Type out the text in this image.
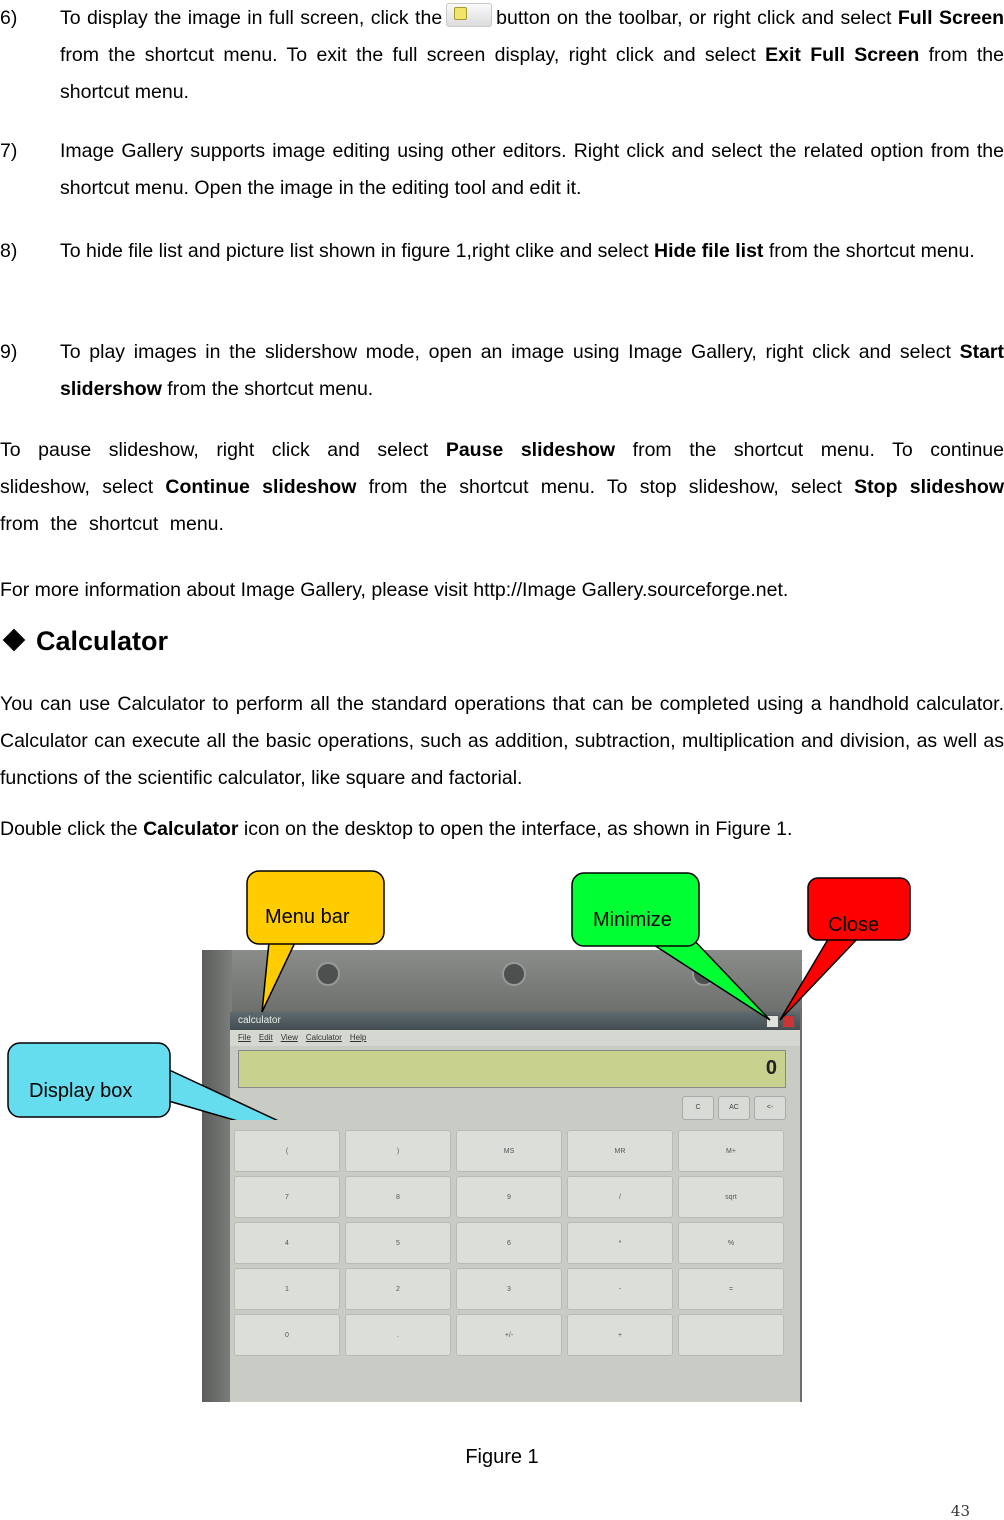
6)	To display the image in full screen, click the	button on the toolbar, or right click and select Full Screen from the shortcut menu. To exit the full screen display, right click and select Exit Full Screen from the shortcut menu.
7)	Image Gallery supports image editing using other editors. Right click and select the related option from the shortcut menu. Open the image in the editing tool and edit it.
8)	To hide file list and picture list shown in figure 1,right clike and select Hide file list from the shortcut menu.
9)	To play images in the slidershow mode, open an image using Image Gallery, right click and select Start slidershow from the shortcut menu.
To pause slideshow, right click and select Pause slideshow from the shortcut menu. To continue slideshow, select Continue slideshow from the shortcut menu. To stop slideshow, select Stop slideshow from the shortcut menu.
For more information about Image Gallery, please visit http://Image Gallery.sourceforge.net.
Calculator
You can use Calculator to perform all the standard operations that can be completed using a handhold calculator. Calculator can execute all the basic operations, such as addition, subtraction, multiplication and division, as well as functions of the scientific calculator, like square and factorial.
Double click the Calculator icon on the desktop to open the interface, as shown in Figure 1.
calculator
File Edit View Calculator Help
0
C	AC	<-
(	)	MS	MR	M+
7	8	9	/	sqrt
4	5	6	*	%
1	2	3	-	=
0	.	+/-	+
Menu bar	Minimize	Close
Display box
Figure 1
43
